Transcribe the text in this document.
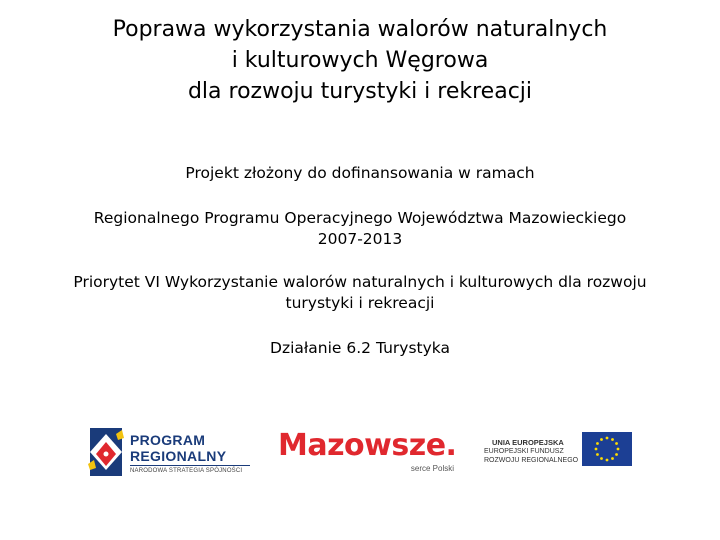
Poprawa wykorzystania walorów naturalnych
i kulturowych Węgrowa
dla rozwoju turystyki i rekreacji
Projekt złożony do dofinansowania w ramach
Regionalnego Programu Operacyjnego Województwa Mazowieckiego
2007-2013
Priorytet VI Wykorzystanie walorów naturalnych i kulturowych dla rozwoju
turystyki i rekreacji
Działanie 6.2 Turystyka
PROGRAM
REGIONALNY
NARODOWA STRATEGIA SPÓJNOŚCI
Mazowsze.
serce Polski
UNIA EUROPEJSKA
EUROPEJSKI FUNDUSZ
ROZWOJU REGIONALNEGO
